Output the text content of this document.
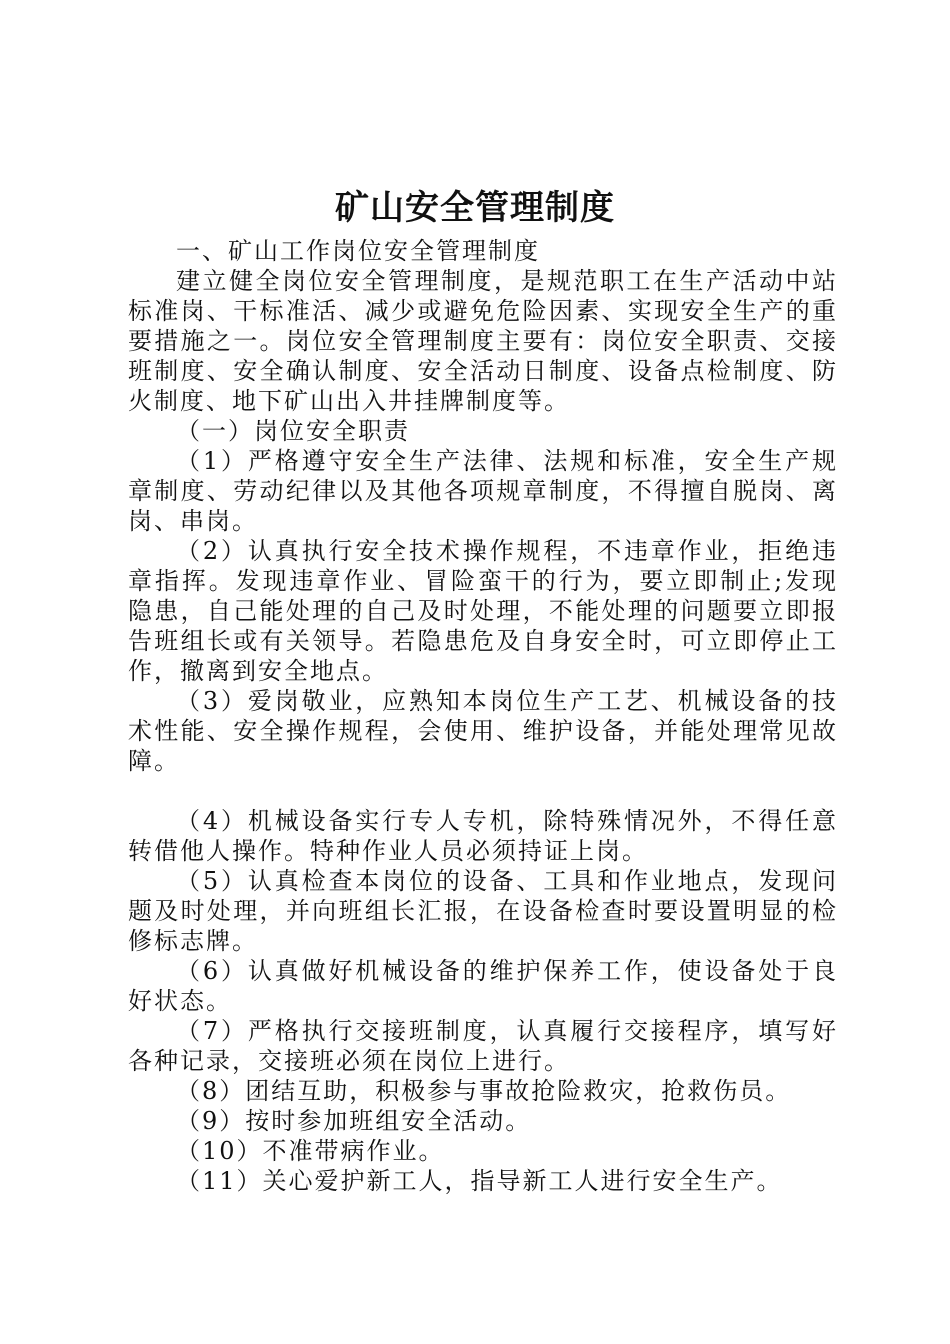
矿山安全管理制度

一、矿山工作岗位安全管理制度

建立健全岗位安全管理制度，是规范职工在生产活动中站标准岗、干标准活、减少或避免危险因素、实现安全生产的重要措施之一。岗位安全管理制度主要有：岗位安全职责、交接班制度、安全确认制度、安全活动日制度、设备点检制度、防火制度、地下矿山出入井挂牌制度等。

（一）岗位安全职责

（1）严格遵守安全生产法律、法规和标准，安全生产规章制度、劳动纪律以及其他各项规章制度，不得擅自脱岗、离岗、串岗。

（2）认真执行安全技术操作规程，不违章作业，拒绝违章指挥。发现违章作业、冒险蛮干的行为，要立即制止;发现隐患，自己能处理的自己及时处理，不能处理的问题要立即报告班组长或有关领导。若隐患危及自身安全时，可立即停止工作，撤离到安全地点。

（3）爱岗敬业，应熟知本岗位生产工艺、机械设备的技术性能、安全操作规程，会使用、维护设备，并能处理常见故障。

（4）机械设备实行专人专机，除特殊情况外，不得任意转借他人操作。特种作业人员必须持证上岗。

（5）认真检查本岗位的设备、工具和作业地点，发现问题及时处理，并向班组长汇报，在设备检查时要设置明显的检修标志牌。

（6）认真做好机械设备的维护保养工作，使设备处于良好状态。

（7）严格执行交接班制度，认真履行交接程序，填写好各种记录，交接班必须在岗位上进行。

（8）团结互助，积极参与事故抢险救灾，抢救伤员。

（9）按时参加班组安全活动。

（10）不准带病作业。

（11）关心爱护新工人，指导新工人进行安全生产。
